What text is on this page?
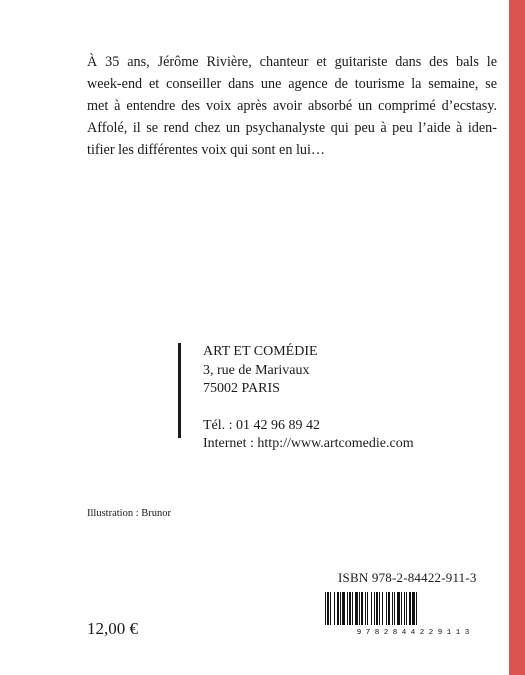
À 35 ans, Jérôme Rivière, chanteur et guitariste dans des bals le
week-end et conseiller dans une agence de tourisme la semaine, se
met à entendre des voix après avoir absorbé un comprimé d’ecstasy.
Affolé, il se rend chez un psychanalyste qui peu à peu l’aide à iden-
tifier les différentes voix qui sont en lui…
ART ET COMÉDIE
3, rue de Marivaux
75002 PARIS
Tél. : 01 42 96 89 42
Internet : http://www.artcomedie.com
Illustration : Brunor
ISBN 978-2-84422-911-3
9 7 8 2 8 4 4 2 2 9 1 1 3
12,00 €
